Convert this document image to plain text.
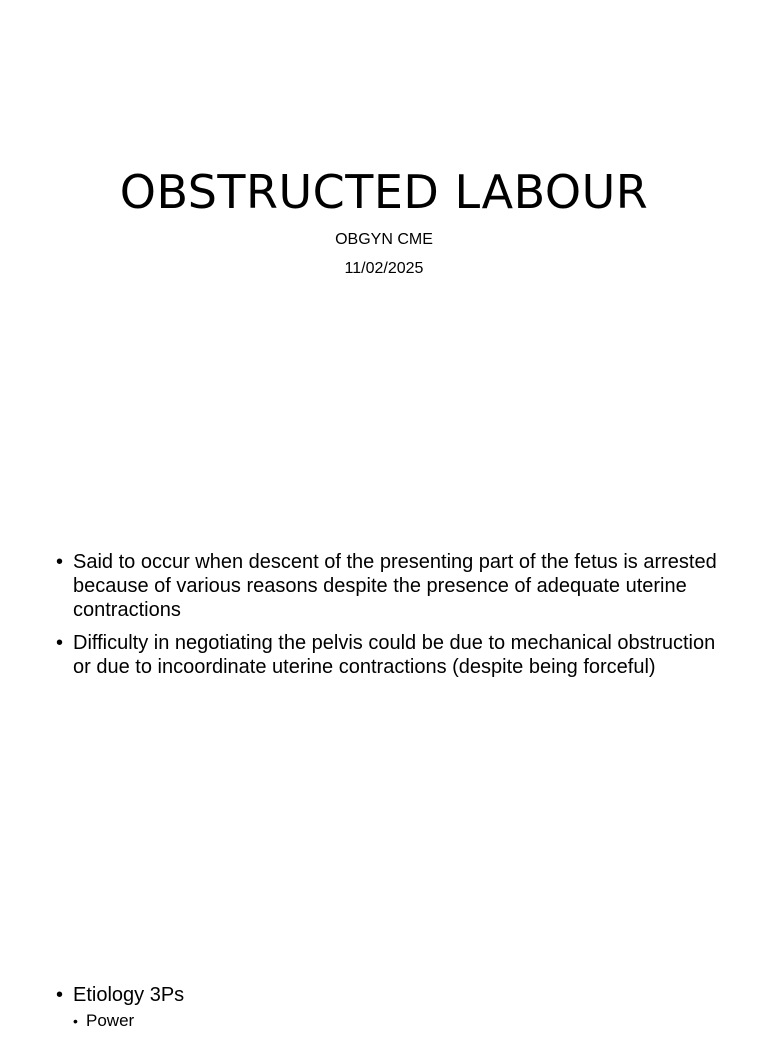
OBSTRUCTED LABOUR
OBGYN CME
11/02/2025
• Said to occur when descent of the presenting part of the fetus is arrested because of various reasons despite the presence of adequate uterine contractions
• Difficulty in negotiating the pelvis could be due to mechanical obstruction or due to incoordinate uterine contractions (despite being forceful)
• Etiology 3Ps
• Power
